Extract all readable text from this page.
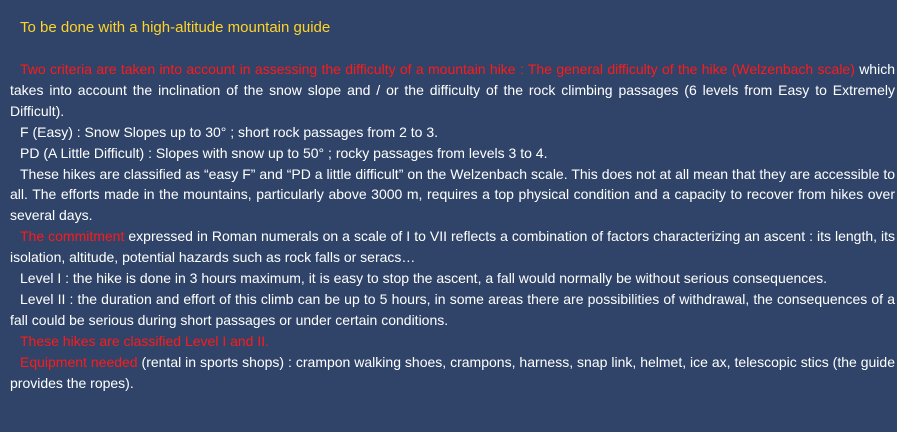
To be done with a high-altitude mountain guide

Two criteria are taken into account in assessing the difficulty of a mountain hike : The general difficulty of the hike (Welzenbach scale) which takes into account the inclination of the snow slope and / or the difficulty of the rock climbing passages (6 levels from Easy to Extremely Difficult).

F (Easy) : Snow Slopes up to 30° ; short rock passages from 2 to 3.

PD (A Little Difficult) : Slopes with snow up to 50° ; rocky passages from levels 3 to 4.

These hikes are classified as “easy F” and “PD a little difficult” on the Welzenbach scale. This does not at all mean that they are accessible to all. The efforts made in the mountains, particularly above 3000 m, requires a top physical condition and a capacity to recover from hikes over several days.

The commitment expressed in Roman numerals on a scale of I to VII reflects a combination of factors characterizing an ascent : its length, its isolation, altitude, potential hazards such as rock falls or seracs…

Level I : the hike is done in 3 hours maximum, it is easy to stop the ascent, a fall would normally be without serious consequences.

Level II : the duration and effort of this climb can be up to 5 hours, in some areas there are possibilities of withdrawal, the consequences of a fall could be serious during short passages or under certain conditions.

These hikes are classified Level I and II.

Equipment needed (rental in sports shops) : crampon walking shoes, crampons, harness, snap link, helmet, ice ax, telescopic stics (the guide provides the ropes).
